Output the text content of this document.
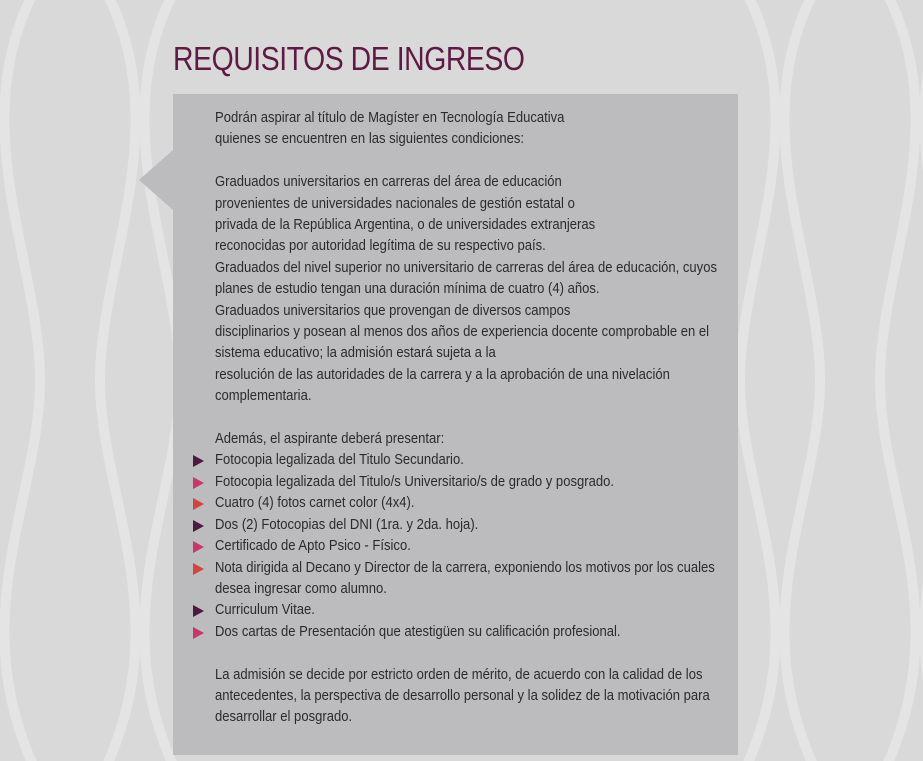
REQUISITOS DE INGRESO
Podrán aspirar al título de Magíster en Tecnología Educativa
quienes se encuentren en las siguientes condiciones:
Graduados universitarios en carreras del área de educación
provenientes de universidades nacionales de gestión estatal o
privada de la República Argentina, o de universidades extranjeras
reconocidas por autoridad legítima de su respectivo país.
Graduados del nivel superior no universitario de carreras del área de educación, cuyos
planes de estudio tengan una duración mínima de cuatro (4) años.
Graduados universitarios que provengan de diversos campos
disciplinarios y posean al menos dos años de experiencia docente comprobable en el
sistema educativo; la admisión estará sujeta a la
resolución de las autoridades de la carrera y a la aprobación de una nivelación
complementaria.
Además, el aspirante deberá presentar:
Fotocopia legalizada del Titulo Secundario.
Fotocopia legalizada del Titulo/s Universitario/s de grado y posgrado.
Cuatro (4) fotos carnet color (4x4).
Dos (2) Fotocopias del DNI (1ra. y 2da. hoja).
Certificado de Apto Psico - Físico.
Nota dirigida al Decano y Director de la carrera, exponiendo los motivos por los cuales
desea ingresar como alumno.
Curriculum Vitae.
Dos cartas de Presentación que atestigüen su calificación profesional.
La admisión se decide por estricto orden de mérito, de acuerdo con la calidad de los
antecedentes, la perspectiva de desarrollo personal y la solidez de la motivación para
desarrollar el posgrado.
